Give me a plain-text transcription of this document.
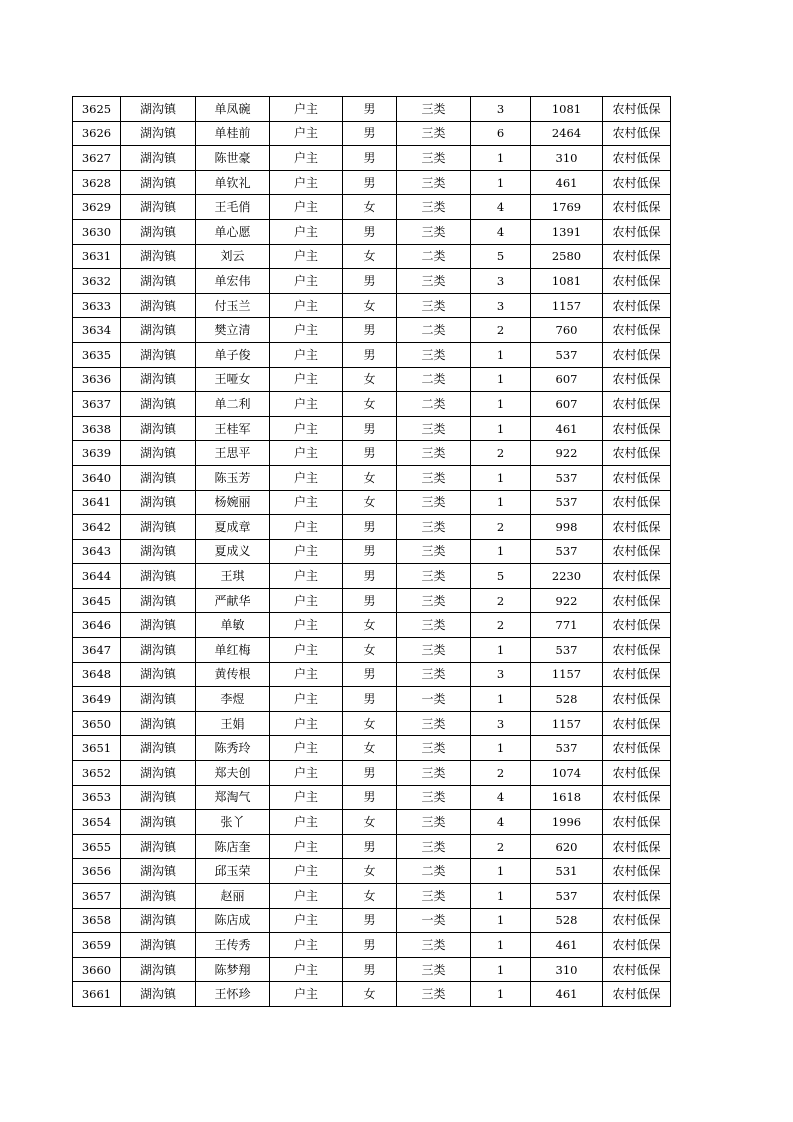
3625	湖沟镇	单凤碗	户主	男	三类	3	1081	农村低保
3626	湖沟镇	单桂前	户主	男	三类	6	2464	农村低保
3627	湖沟镇	陈世豪	户主	男	三类	1	310	农村低保
3628	湖沟镇	单钦礼	户主	男	三类	1	461	农村低保
3629	湖沟镇	王毛俏	户主	女	三类	4	1769	农村低保
3630	湖沟镇	单心愿	户主	男	三类	4	1391	农村低保
3631	湖沟镇	刘云	户主	女	二类	5	2580	农村低保
3632	湖沟镇	单宏伟	户主	男	三类	3	1081	农村低保
3633	湖沟镇	付玉兰	户主	女	三类	3	1157	农村低保
3634	湖沟镇	樊立清	户主	男	二类	2	760	农村低保
3635	湖沟镇	单子俊	户主	男	三类	1	537	农村低保
3636	湖沟镇	王哑女	户主	女	二类	1	607	农村低保
3637	湖沟镇	单二利	户主	女	二类	1	607	农村低保
3638	湖沟镇	王桂军	户主	男	三类	1	461	农村低保
3639	湖沟镇	王思平	户主	男	三类	2	922	农村低保
3640	湖沟镇	陈玉芳	户主	女	三类	1	537	农村低保
3641	湖沟镇	杨婉丽	户主	女	三类	1	537	农村低保
3642	湖沟镇	夏成章	户主	男	三类	2	998	农村低保
3643	湖沟镇	夏成义	户主	男	三类	1	537	农村低保
3644	湖沟镇	王琪	户主	男	三类	5	2230	农村低保
3645	湖沟镇	严献华	户主	男	三类	2	922	农村低保
3646	湖沟镇	单敏	户主	女	三类	2	771	农村低保
3647	湖沟镇	单红梅	户主	女	三类	1	537	农村低保
3648	湖沟镇	黄传根	户主	男	三类	3	1157	农村低保
3649	湖沟镇	李煜	户主	男	一类	1	528	农村低保
3650	湖沟镇	王娟	户主	女	三类	3	1157	农村低保
3651	湖沟镇	陈秀玲	户主	女	三类	1	537	农村低保
3652	湖沟镇	郑夫创	户主	男	三类	2	1074	农村低保
3653	湖沟镇	郑淘气	户主	男	三类	4	1618	农村低保
3654	湖沟镇	张丫	户主	女	三类	4	1996	农村低保
3655	湖沟镇	陈店奎	户主	男	三类	2	620	农村低保
3656	湖沟镇	邱玉荣	户主	女	二类	1	531	农村低保
3657	湖沟镇	赵丽	户主	女	三类	1	537	农村低保
3658	湖沟镇	陈店成	户主	男	一类	1	528	农村低保
3659	湖沟镇	王传秀	户主	男	三类	1	461	农村低保
3660	湖沟镇	陈梦翔	户主	男	三类	1	310	农村低保
3661	湖沟镇	王怀珍	户主	女	三类	1	461	农村低保
